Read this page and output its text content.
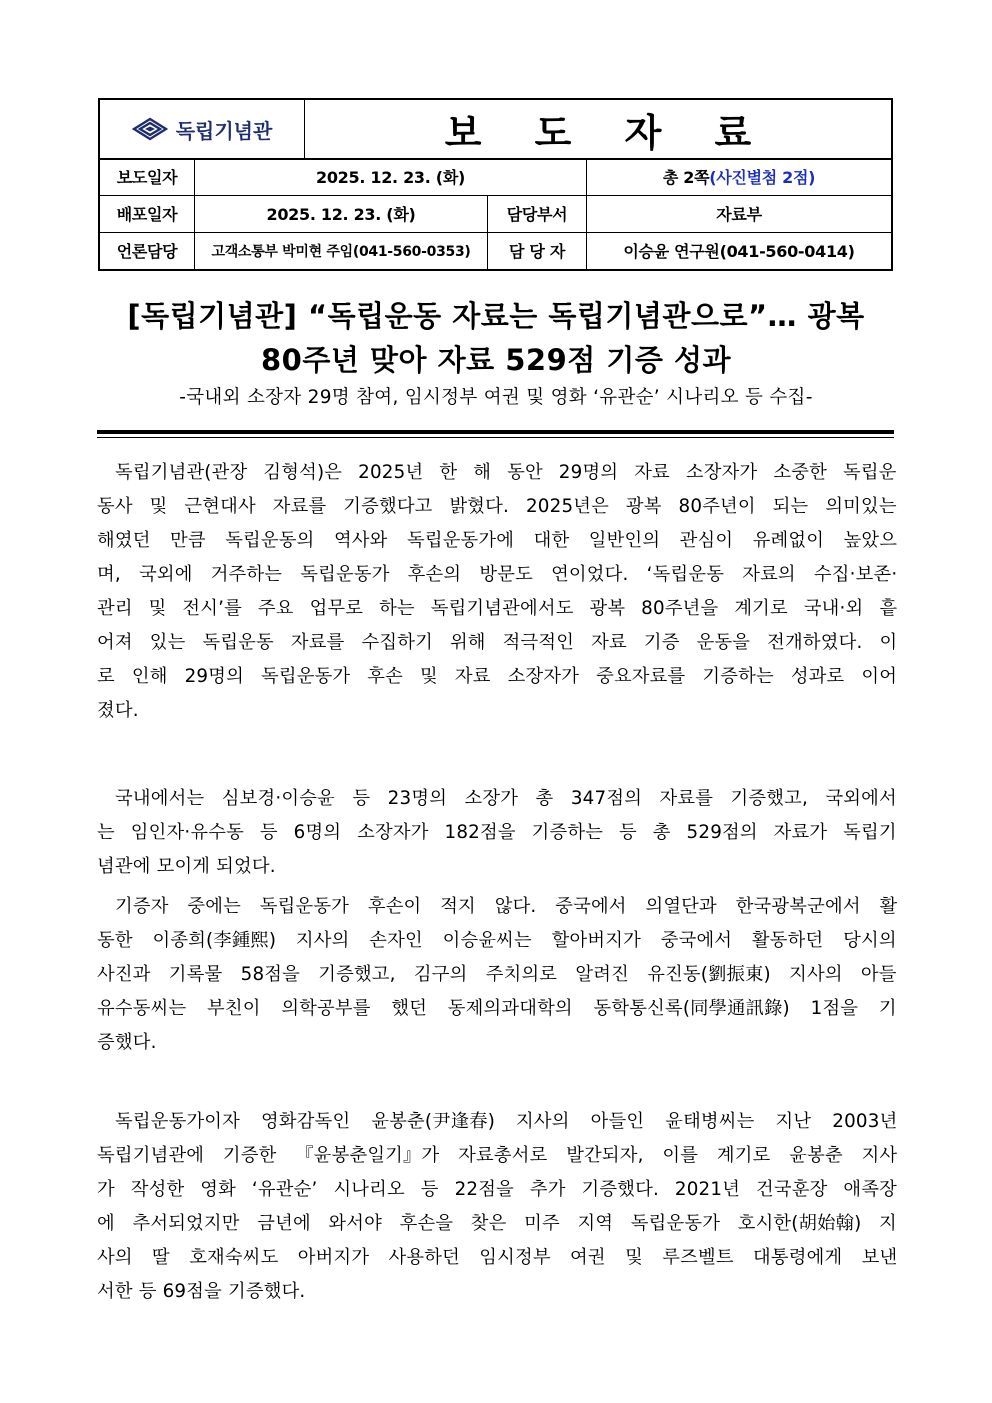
독립기념관	보 도 자 료
보도일자	2025. 12. 23. (화)	총 2쪽 (사진별첨 2점)
배포일자	2025. 12. 23. (화)	담당부서	자료부
언론담당	고객소통부 박미현 주임(041-560-0353)	담 당 자	이승윤 연구원(041-560-0414)
[독립기념관] “독립운동 자료는 독립기념관으로”… 광복
80주년 맞아 자료 529점 기증 성과
-국내외 소장자 29명 참여, 임시정부 여권 및 영화 ‘유관순’ 시나리오 등 수집-
독립기념관(관장 김형석)은 2025년 한 해 동안 29명의 자료 소장자가 소중한 독립운
동사 및 근현대사 자료를 기증했다고 밝혔다. 2025년은 광복 80주년이 되는 의미있는
해였던 만큼 독립운동의 역사와 독립운동가에 대한 일반인의 관심이 유례없이 높았으
며, 국외에 거주하는 독립운동가 후손의 방문도 연이었다. ‘독립운동 자료의 수집·보존·
관리 및 전시’를 주요 업무로 하는 독립기념관에서도 광복 80주년을 계기로 국내·외 흩
어져 있는 독립운동 자료를 수집하기 위해 적극적인 자료 기증 운동을 전개하였다. 이
로 인해 29명의 독립운동가 후손 및 자료 소장자가 중요자료를 기증하는 성과로 이어
졌다.
국내에서는 심보경·이승윤 등 23명의 소장가 총 347점의 자료를 기증했고, 국외에서
는 임인자·유수동 등 6명의 소장자가 182점을 기증하는 등 총 529점의 자료가 독립기
념관에 모이게 되었다.
기증자 중에는 독립운동가 후손이 적지 않다. 중국에서 의열단과 한국광복군에서 활
동한 이종희(李鍾熙) 지사의 손자인 이승윤씨는 할아버지가 중국에서 활동하던 당시의
사진과 기록물 58점을 기증했고, 김구의 주치의로 알려진 유진동(劉振東) 지사의 아들
유수동씨는 부친이 의학공부를 했던 동제의과대학의 동학통신록(同學通訊錄) 1점을 기
증했다.
독립운동가이자 영화감독인 윤봉춘(尹逢春) 지사의 아들인 윤태병씨는 지난 2003년
독립기념관에 기증한 『윤봉춘일기』가 자료총서로 발간되자, 이를 계기로 윤봉춘 지사
가 작성한 영화 ‘유관순’ 시나리오 등 22점을 추가 기증했다. 2021년 건국훈장 애족장
에 추서되었지만 금년에 와서야 후손을 찾은 미주 지역 독립운동가 호시한(胡始翰) 지
사의 딸 호재숙씨도 아버지가 사용하던 임시정부 여권 및 루즈벨트 대통령에게 보낸
서한 등 69점을 기증했다.
